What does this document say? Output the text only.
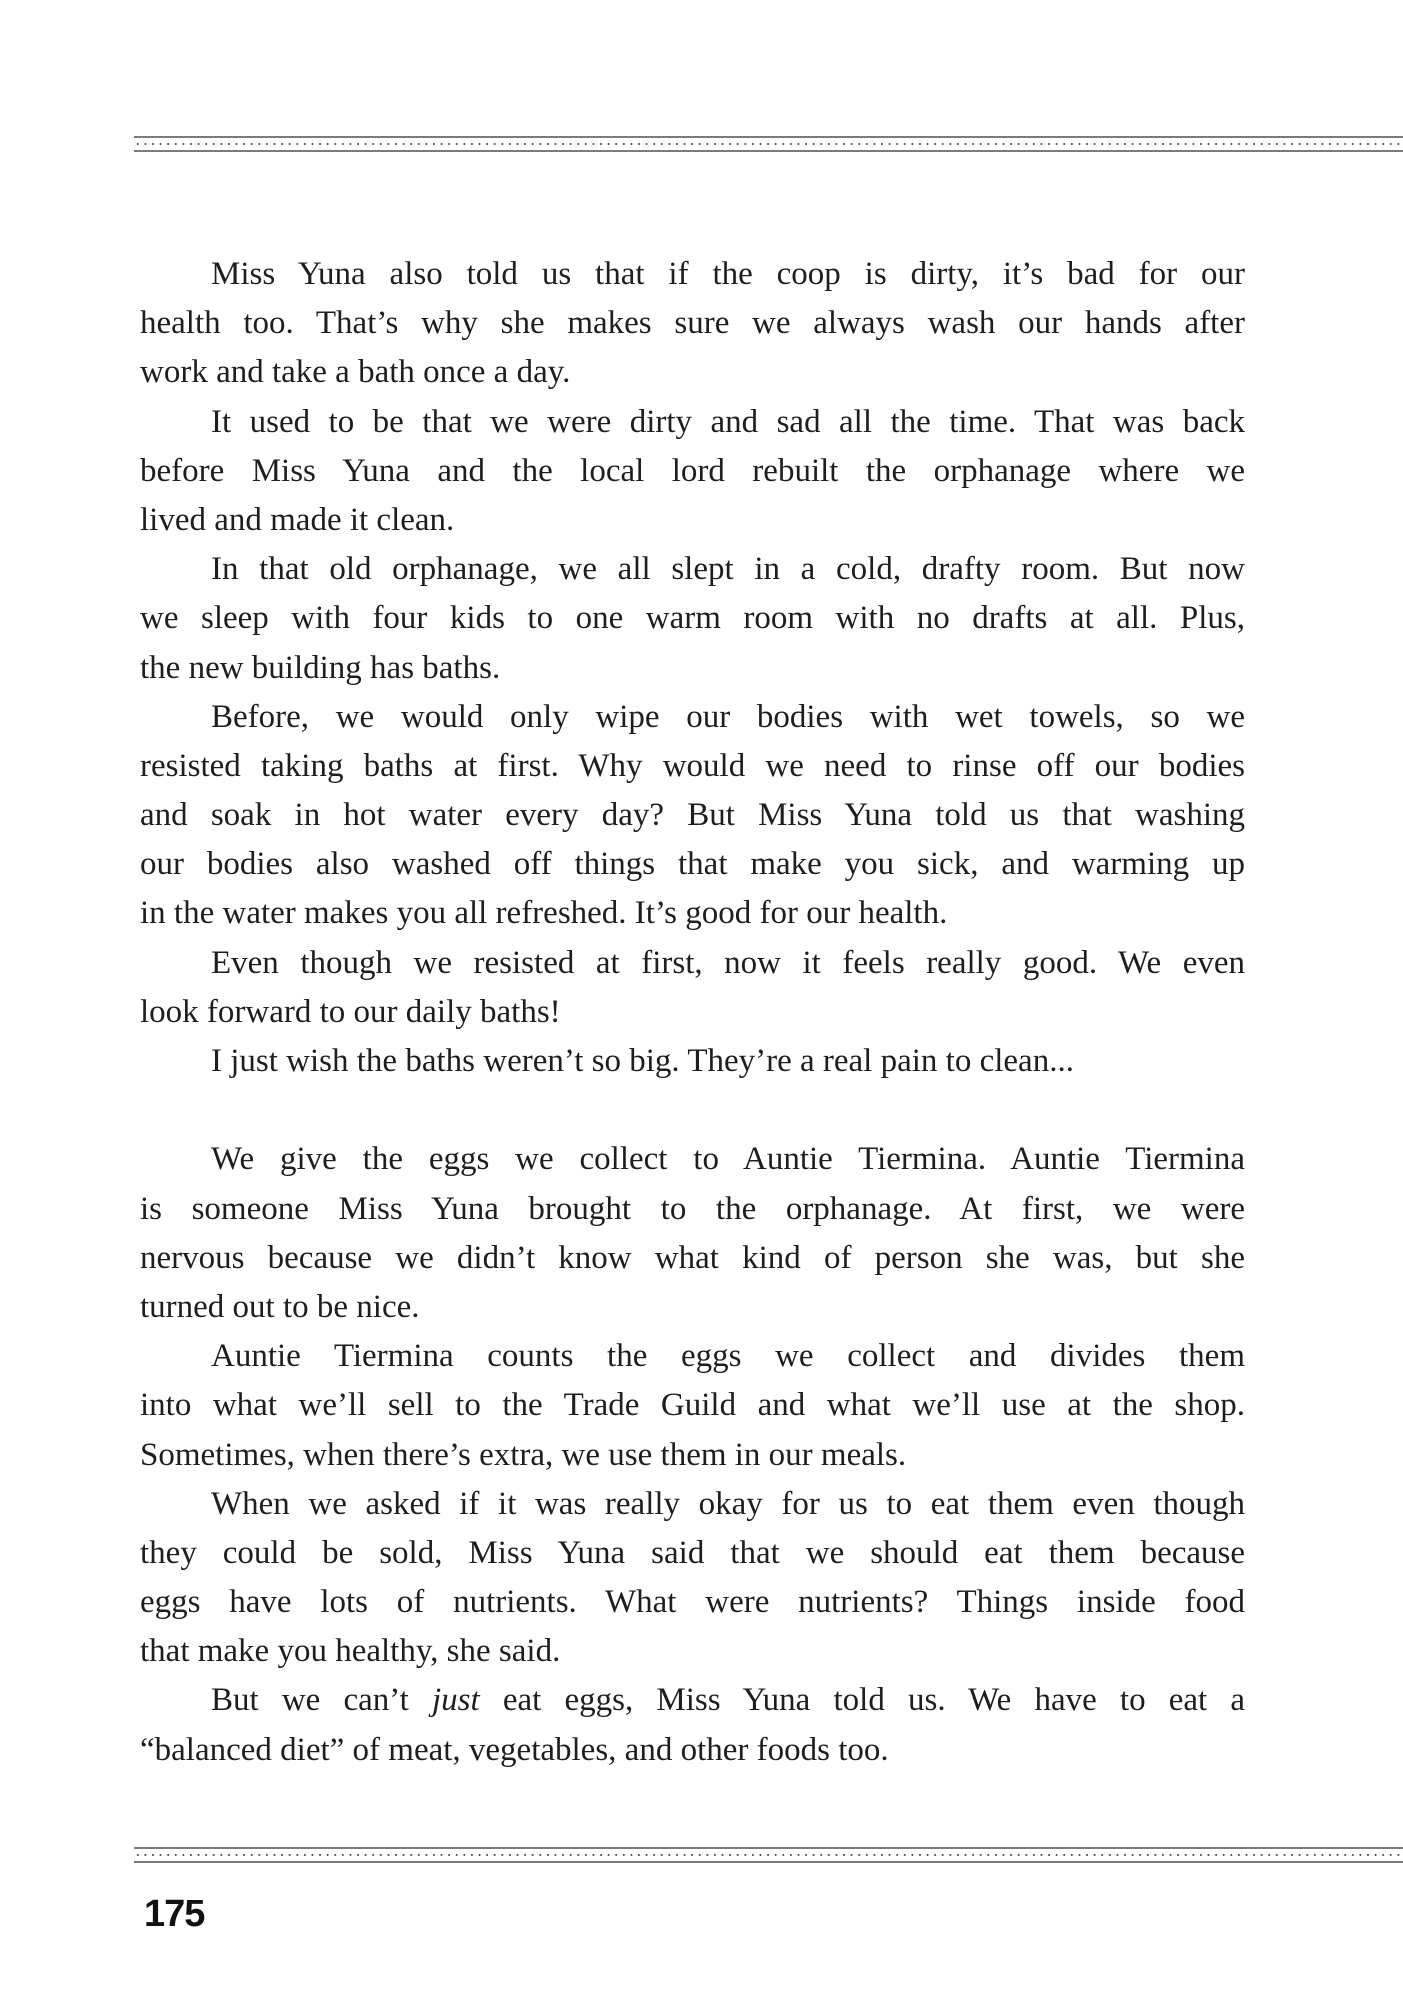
Miss Yuna also told us that if the coop is dirty, it’s bad for our
health too. That’s why she makes sure we always wash our hands after
work and take a bath once a day.
It used to be that we were dirty and sad all the time. That was back
before Miss Yuna and the local lord rebuilt the orphanage where we
lived and made it clean.
In that old orphanage, we all slept in a cold, drafty room. But now
we sleep with four kids to one warm room with no drafts at all. Plus,
the new building has baths.
Before, we would only wipe our bodies with wet towels, so we
resisted taking baths at first. Why would we need to rinse off our bodies
and soak in hot water every day? But Miss Yuna told us that washing
our bodies also washed off things that make you sick, and warming up
in the water makes you all refreshed. It’s good for our health.
Even though we resisted at first, now it feels really good. We even
look forward to our daily baths!
I just wish the baths weren’t so big. They’re a real pain to clean...
We give the eggs we collect to Auntie Tiermina. Auntie Tiermina
is someone Miss Yuna brought to the orphanage. At first, we were
nervous because we didn’t know what kind of person she was, but she
turned out to be nice.
Auntie Tiermina counts the eggs we collect and divides them
into what we’ll sell to the Trade Guild and what we’ll use at the shop.
Sometimes, when there’s extra, we use them in our meals.
When we asked if it was really okay for us to eat them even though
they could be sold, Miss Yuna said that we should eat them because
eggs have lots of nutrients. What were nutrients? Things inside food
that make you healthy, she said.
But we can’t just eat eggs, Miss Yuna told us. We have to eat a
“balanced diet” of meat, vegetables, and other foods too.
175
